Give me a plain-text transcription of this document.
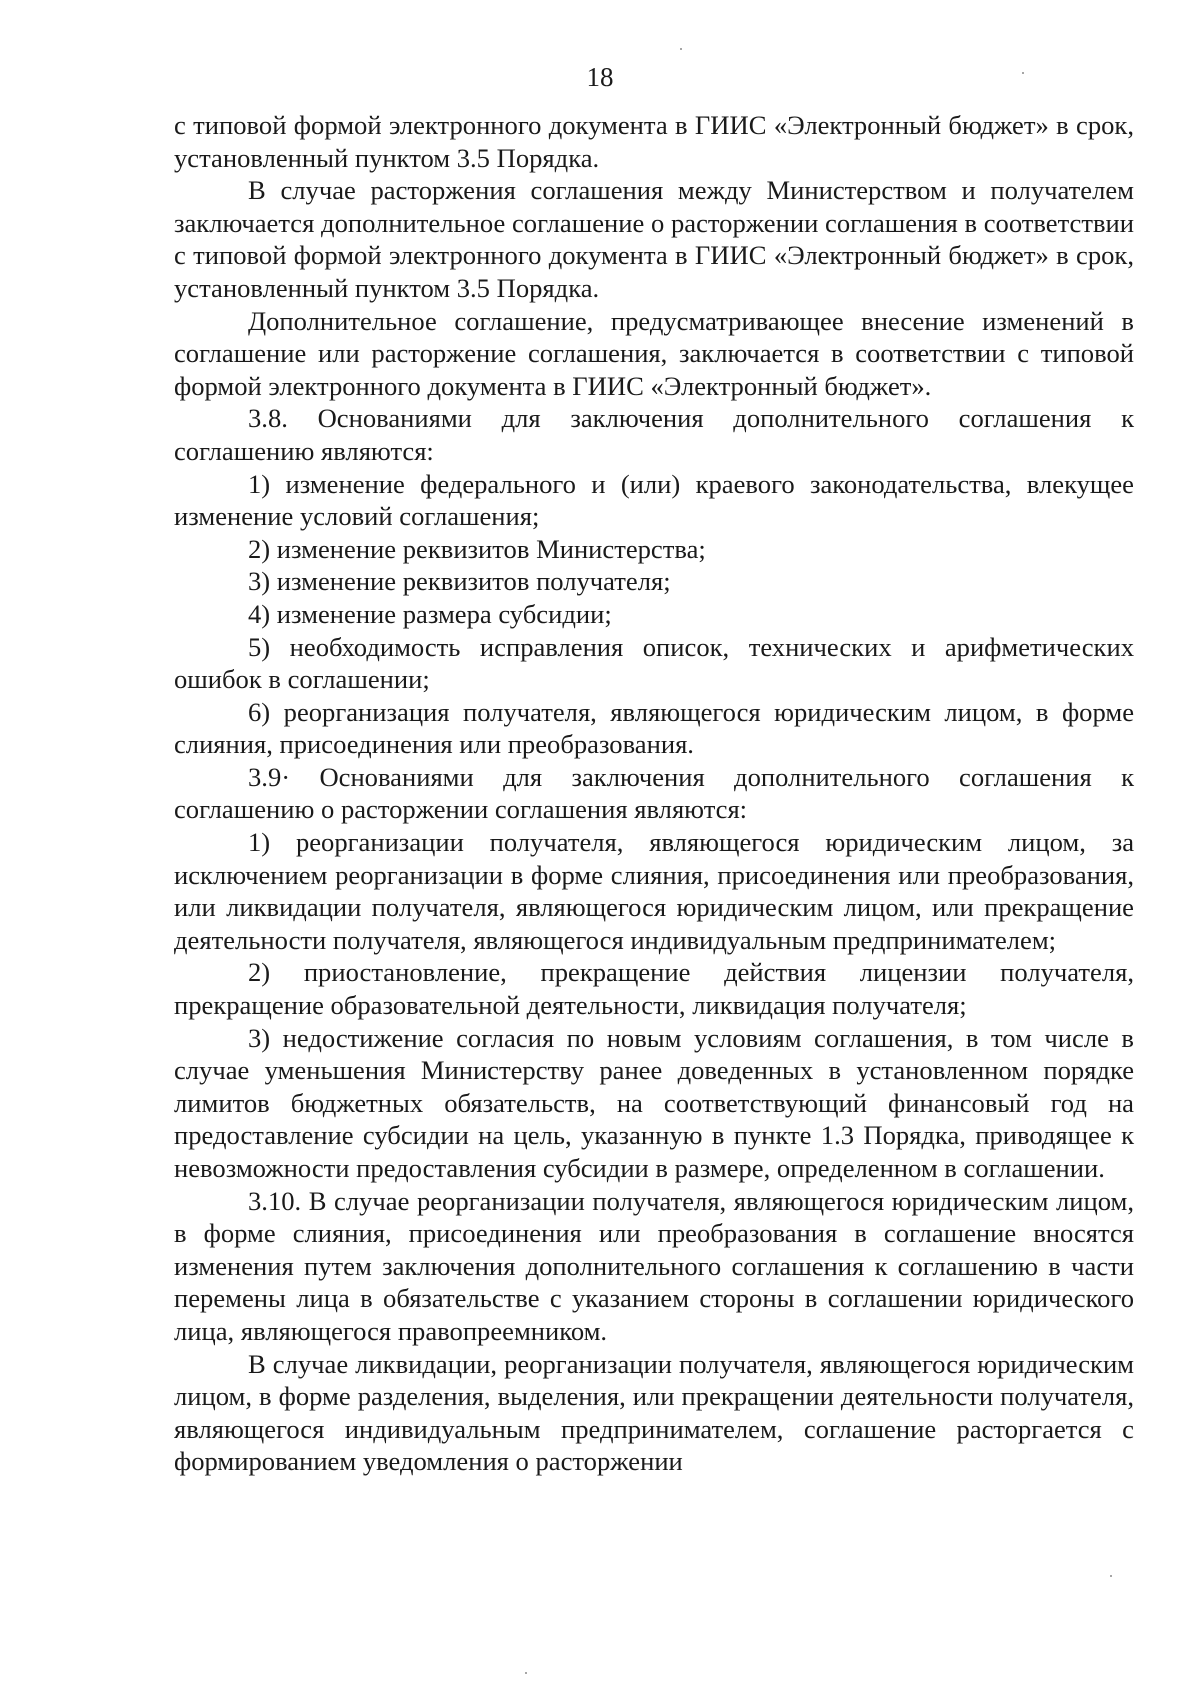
18

с типовой формой электронного документа в ГИИС «Электронный бюджет» в срок, установленный пунктом 3.5 Порядка.

В случае расторжения соглашения между Министерством и получателем заключается дополнительное соглашение о расторжении соглашения в соответствии с типовой формой электронного документа в ГИИС «Электронный бюджет» в срок, установленный пунктом 3.5 Порядка.

Дополнительное соглашение, предусматривающее внесение изменений в соглашение или расторжение соглашения, заключается в соответствии с типовой формой электронного документа в ГИИС «Электронный бюджет».

3.8. Основаниями для заключения дополнительного соглашения к соглашению являются:

1) изменение федерального и (или) краевого законодательства, влекущее изменение условий соглашения;

2) изменение реквизитов Министерства;

3) изменение реквизитов получателя;

4) изменение размера субсидии;

5) необходимость исправления описок, технических и арифметических ошибок в соглашении;

6) реорганизация получателя, являющегося юридическим лицом, в форме слияния, присоединения или преобразования.

3.9· Основаниями для заключения дополнительного соглашения к соглашению о расторжении соглашения являются:

1) реорганизации получателя, являющегося юридическим лицом, за исключением реорганизации в форме слияния, присоединения или преобразования, или ликвидации получателя, являющегося юридическим лицом, или прекращение деятельности получателя, являющегося индивидуальным предпринимателем;

2) приостановление, прекращение действия лицензии получателя, прекращение образовательной деятельности, ликвидация получателя;

3) недостижение согласия по новым условиям соглашения, в том числе в случае уменьшения Министерству ранее доведенных в установленном порядке лимитов бюджетных обязательств, на соответствующий финансовый год на предоставление субсидии на цель, указанную в пункте 1.3 Порядка, приводящее к невозможности предоставления субсидии в размере, определенном в соглашении.

3.10. В случае реорганизации получателя, являющегося юридическим лицом, в форме слияния, присоединения или преобразования в соглашение вносятся изменения путем заключения дополнительного соглашения к соглашению в части перемены лица в обязательстве с указанием стороны в соглашении юридического лица, являющегося правопреемником.

В случае ликвидации, реорганизации получателя, являющегося юридическим лицом, в форме разделения, выделения, или прекращении деятельности получателя, являющегося индивидуальным предпринимателем, соглашение расторгается с формированием уведомления о расторжении
